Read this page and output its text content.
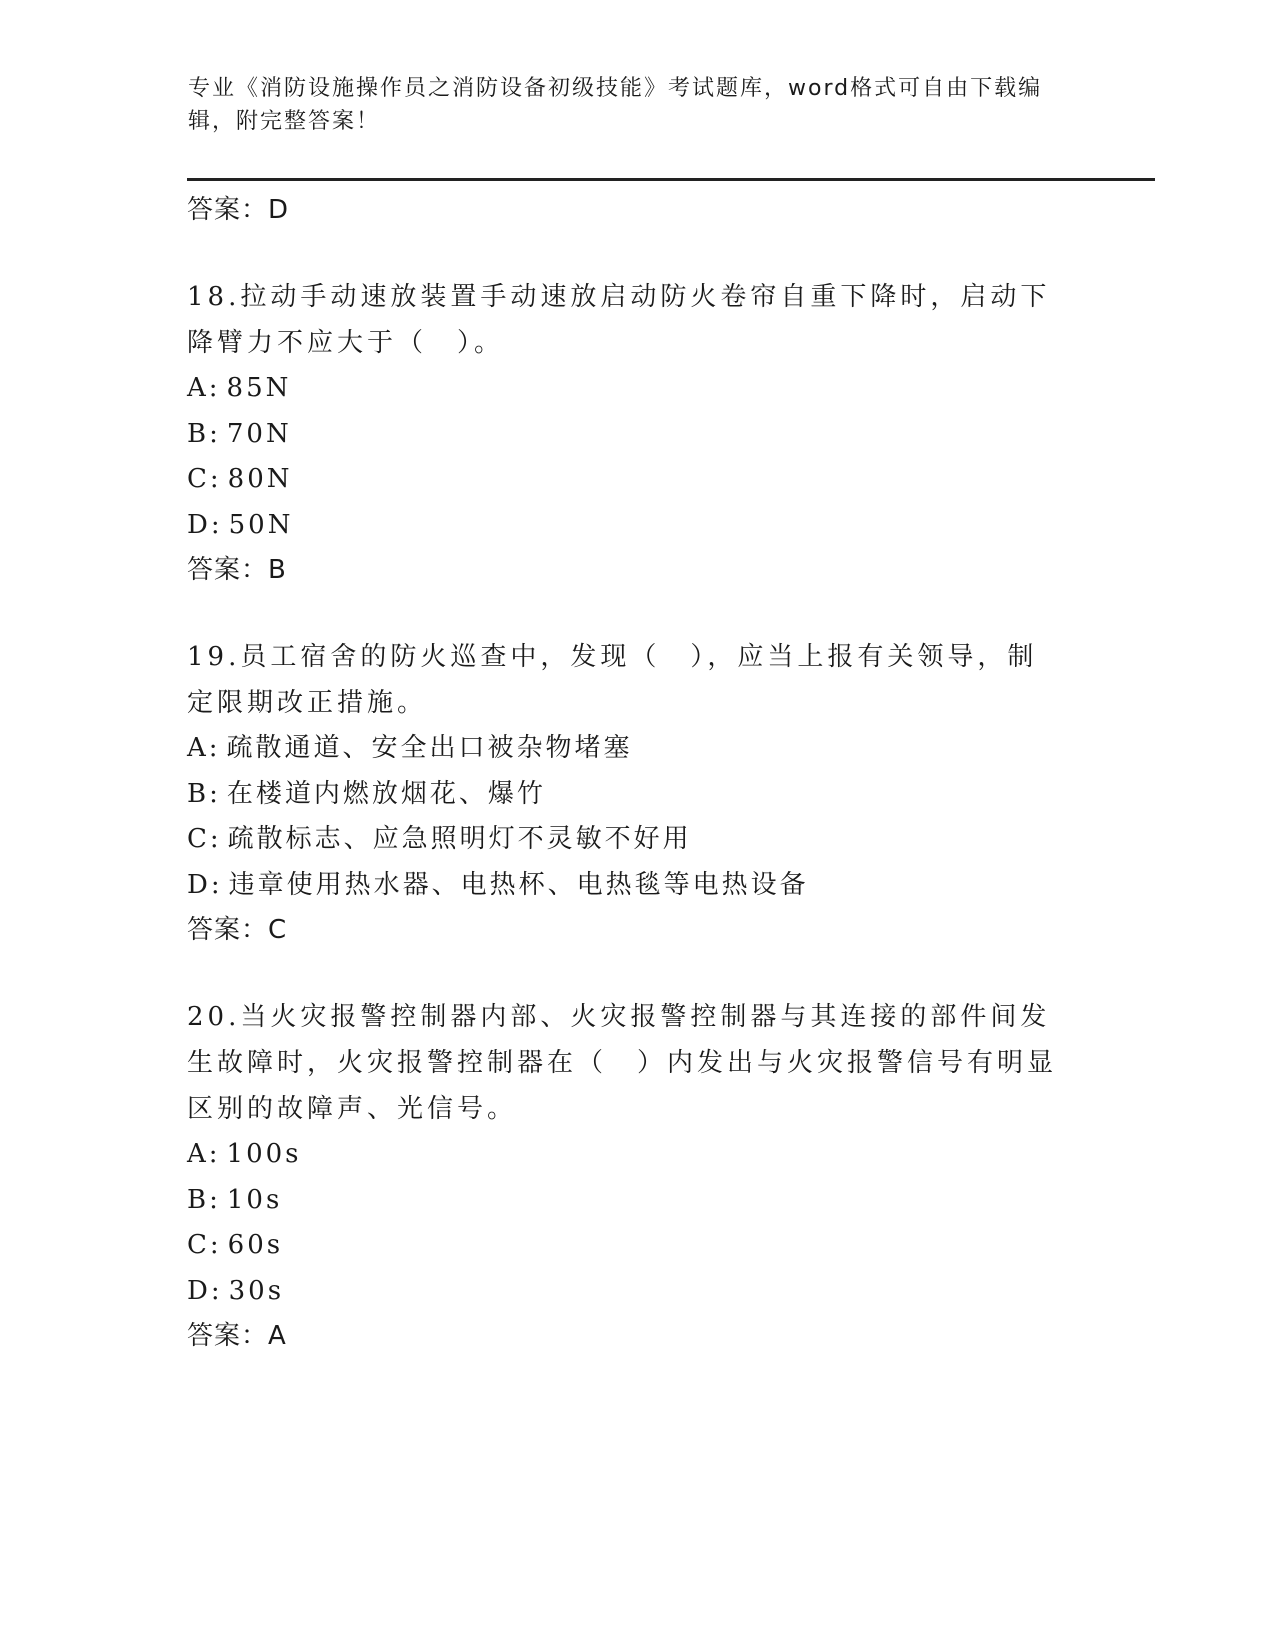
专业《消防设施操作员之消防设备初级技能》考试题库，word格式可自由下载编辑，附完整答案！

答案：D

18.拉动手动速放装置手动速放启动防火卷帘自重下降时，启动下降臂力不应大于（　）。

A: 85N

B: 70N

C: 80N

D: 50N

答案：B

19.员工宿舍的防火巡查中，发现（　），应当上报有关领导，制定限期改正措施。

A: 疏散通道、安全出口被杂物堵塞

B: 在楼道内燃放烟花、爆竹

C: 疏散标志、应急照明灯不灵敏不好用

D: 违章使用热水器、电热杯、电热毯等电热设备

答案：C

20.当火灾报警控制器内部、火灾报警控制器与其连接的部件间发生故障时，火灾报警控制器在（　）内发出与火灾报警信号有明显区别的故障声、光信号。

A: 100s

B: 10s

C: 60s

D: 30s

答案：A
